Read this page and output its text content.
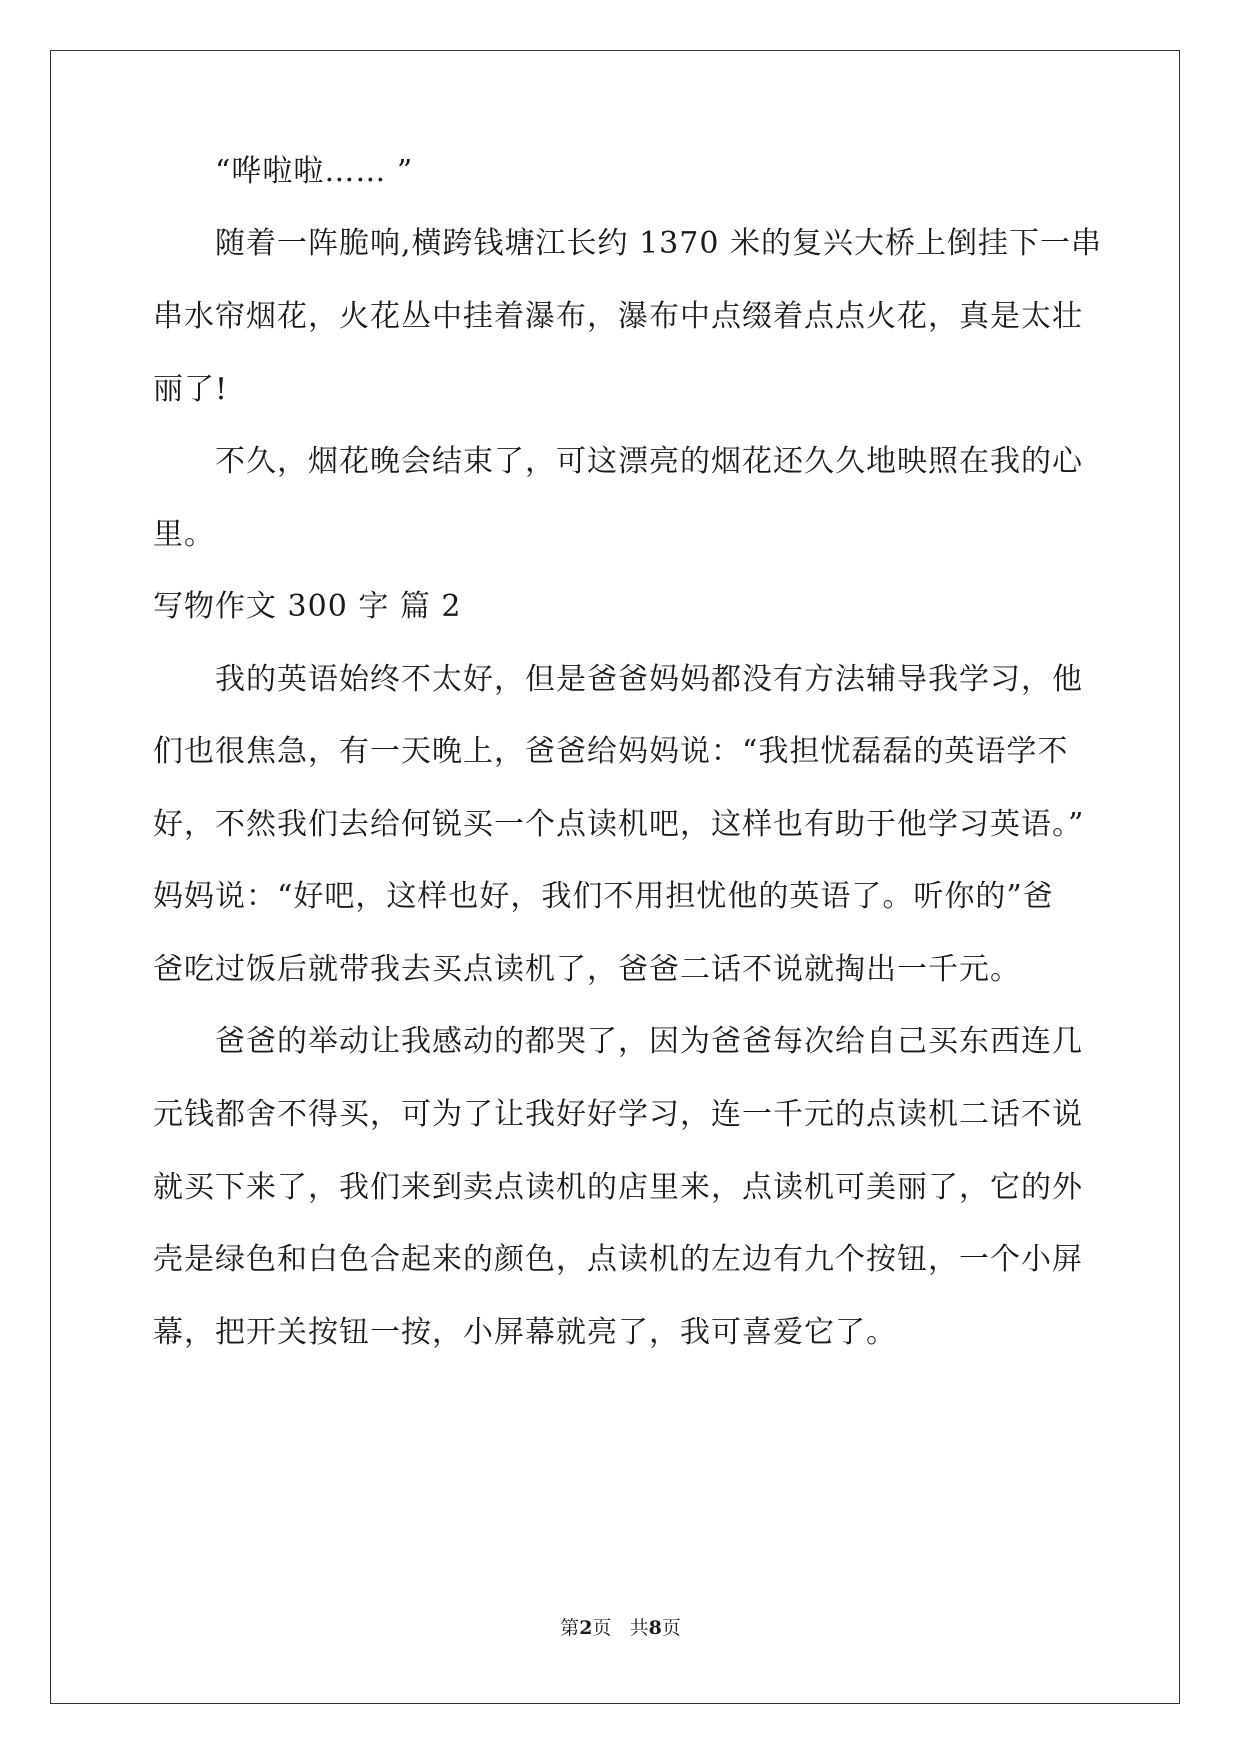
“哗啦啦…… ”
随着一阵脆响,横跨钱塘江长约 1370 米的复兴大桥上倒挂下一串
串水帘烟花，火花丛中挂着瀑布，瀑布中点缀着点点火花，真是太壮
丽了!
不久，烟花晚会结束了，可这漂亮的烟花还久久地映照在我的心
里。
写物作文 300 字 篇 2
我的英语始终不太好，但是爸爸妈妈都没有方法辅导我学习，他
们也很焦急，有一天晚上，爸爸给妈妈说：“我担忧磊磊的英语学不
好，不然我们去给何锐买一个点读机吧，这样也有助于他学习英语。”
妈妈说：“好吧，这样也好，我们不用担忧他的英语了。听你的”爸
爸吃过饭后就带我去买点读机了，爸爸二话不说就掏出一千元。
爸爸的举动让我感动的都哭了，因为爸爸每次给自己买东西连几
元钱都舍不得买，可为了让我好好学习，连一千元的点读机二话不说
就买下来了，我们来到卖点读机的店里来，点读机可美丽了，它的外
壳是绿色和白色合起来的颜色，点读机的左边有九个按钮，一个小屏
幕，把开关按钮一按，小屏幕就亮了，我可喜爱它了。
第2页 共8页
